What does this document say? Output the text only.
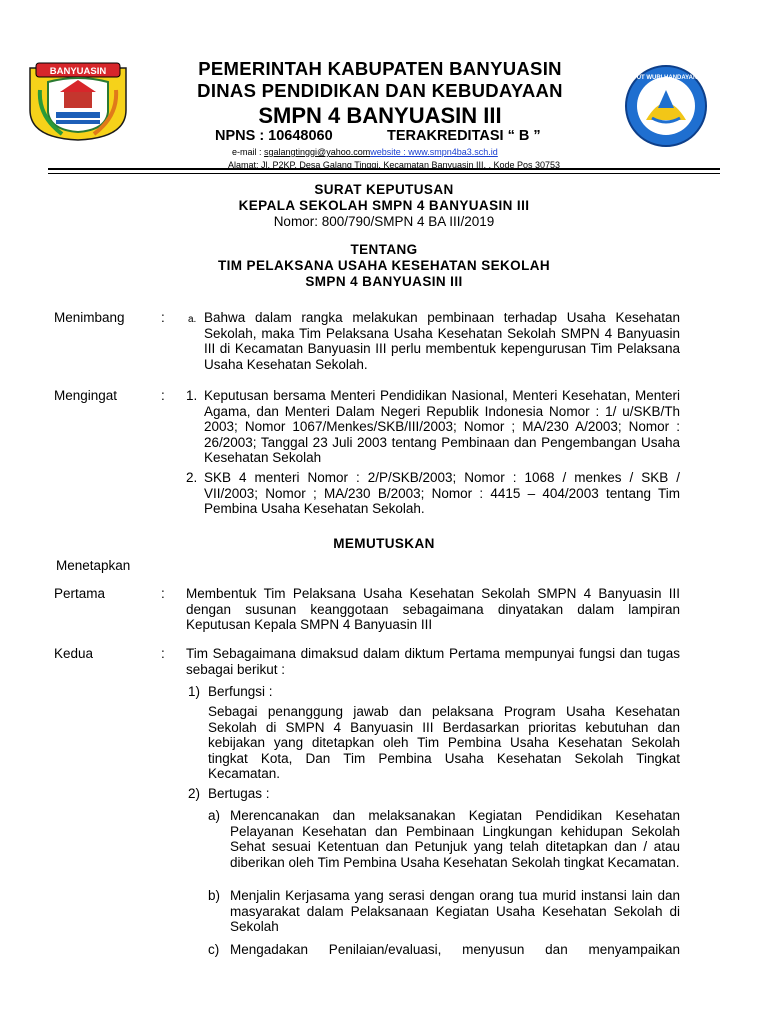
BANYUASIN	PEMERINTAH KABUPATEN BANYUASIN
DINAS PENDIDIKAN DAN KEBUDAYAAN
SMPN 4 BANYUASIN III
NPNS : 10648060	TERAKREDITASI “ B ”
e-mail : sgalangtinggi@yahoo.comwebsite : www.smpn4ba3.sch.id
Alamat: Jl. P2KP, Desa Galang Tinggi, Kecamatan Banyuasin III, , Kode Pos 30753
TUT WURI HANDAYANI
SURAT KEPUTUSAN
KEPALA SEKOLAH SMPN 4 BANYUASIN III
Nomor: 800/790/SMPN 4 BA III/2019
TENTANG
TIM PELAKSANA USAHA KESEHATAN SEKOLAH
SMPN 4 BANYUASIN III
Menimbang	: a. Bahwa dalam rangka melakukan pembinaan terhadap Usaha Kesehatan Sekolah, maka Tim Pelaksana Usaha Kesehatan Sekolah SMPN 4 Banyuasin III di Kecamatan Banyuasin III perlu membentuk kepengurusan Tim Pelaksana Usaha Kesehatan Sekolah.
Mengingat	: 1. Keputusan bersama Menteri Pendidikan Nasional, Menteri Kesehatan, Menteri Agama, dan Menteri Dalam Negeri Republik Indonesia Nomor : 1/ u/SKB/Th 2003; Nomor 1067/Menkes/SKB/III/2003; Nomor ; MA/230 A/2003; Nomor : 26/2003; Tanggal 23 Juli 2003 tentang Pembinaan dan Pengembangan Usaha Kesehatan Sekolah
2. SKB 4 menteri Nomor : 2/P/SKB/2003; Nomor : 1068 / menkes / SKB / VII/2003; Nomor ; MA/230 B/2003; Nomor : 4415 – 404/2003 tentang Tim Pembina Usaha Kesehatan Sekolah.
MEMUTUSKAN
Menetapkan
Pertama	: Membentuk Tim Pelaksana Usaha Kesehatan Sekolah SMPN 4 Banyuasin III dengan susunan keanggotaan sebagaimana dinyatakan dalam lampiran Keputusan Kepala SMPN 4 Banyuasin III
Kedua	: Tim Sebagaimana dimaksud dalam diktum Pertama mempunyai fungsi dan tugas sebagai berikut :
1) Berfungsi :
Sebagai penanggung jawab dan pelaksana Program Usaha Kesehatan Sekolah di SMPN 4 Banyuasin III Berdasarkan prioritas kebutuhan dan kebijakan yang ditetapkan oleh Tim Pembina Usaha Kesehatan Sekolah tingkat Kota, Dan Tim Pembina Usaha Kesehatan Sekolah Tingkat Kecamatan.
2) Bertugas :
a) Merencanakan dan melaksanakan Kegiatan Pendidikan Kesehatan Pelayanan Kesehatan dan Pembinaan Lingkungan kehidupan Sekolah Sehat sesuai Ketentuan dan Petunjuk yang telah ditetapkan dan / atau diberikan oleh Tim Pembina Usaha Kesehatan Sekolah tingkat Kecamatan.
b) Menjalin Kerjasama yang serasi dengan orang tua murid instansi lain dan masyarakat dalam Pelaksanaan Kegiatan Usaha Kesehatan Sekolah di Sekolah
c) Mengadakan Penilaian/evaluasi, menyusun dan menyampaikan
